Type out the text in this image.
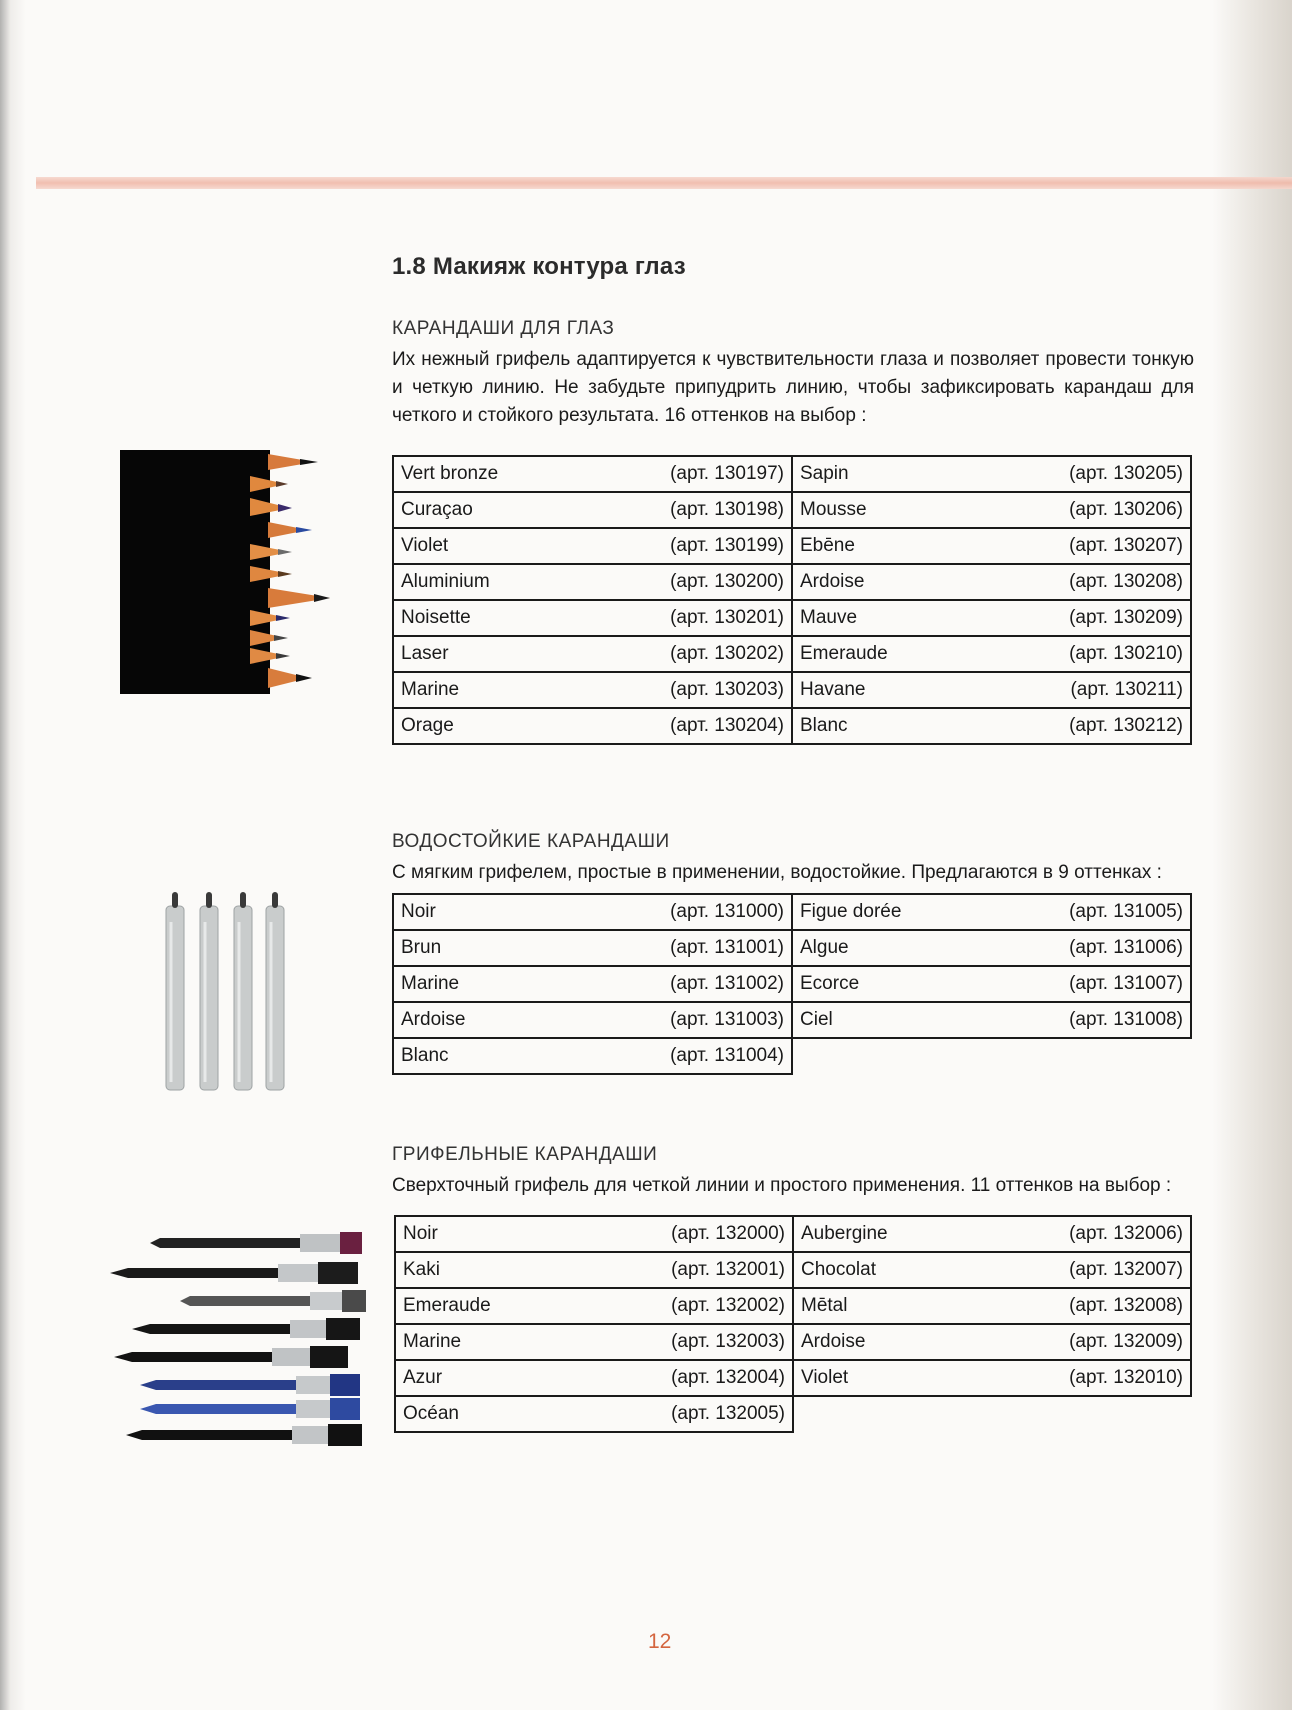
1.8 Макияж контура глаз
КАРАНДАШИ ДЛЯ ГЛАЗ
Их нежный грифель адаптируется к чувствительности глаза и позволяет провести тонкую и четкую линию. Не забудьте припудрить линию, чтобы зафиксировать карандаш для четкого и стойкого результата. 16 оттенков на выбор :
Vert bronze (арт. 130197)	Sapin (арт. 130205)

Curaçao (арт. 130198)	Mousse (арт. 130206)

Violet (арт. 130199)	Ebēne (арт. 130207)

Aluminium (арт. 130200)	Ardoise (арт. 130208)

Noisette (арт. 130201)	Mauve (арт. 130209)

Laser (арт. 130202)	Emeraude (арт. 130210)

Marine (арт. 130203)	Havane (арт. 130211)

Orage (арт. 130204)	Blanc (арт. 130212)
ВОДОСТОЙКИЕ КАРАНДАШИ
С мягким грифелем, простые в применении, водостойкие. Предлагаются в 9 оттенках :
Noir (арт. 131000)	Figue dorée (арт. 131005)

Brun (арт. 131001)	Algue (арт. 131006)

Marine (арт. 131002)	Ecorce (арт. 131007)

Ardoise (арт. 131003)	Ciel (арт. 131008)

Blanc (арт. 131004)	

ГРИФЕЛЬНЫЕ КАРАНДАШИ
Сверхточный грифель для четкой линии и простого применения. 11 оттенков на выбор :
Noir (арт. 132000)	Aubergine (арт. 132006)

Kaki (арт. 132001)	Chocolat (арт. 132007)

Emeraude (арт. 132002)	Mētal (арт. 132008)

Marine (арт. 132003)	Ardoise (арт. 132009)

Azur (арт. 132004)	Violet (арт. 132010)

Océan (арт. 132005)	

12
